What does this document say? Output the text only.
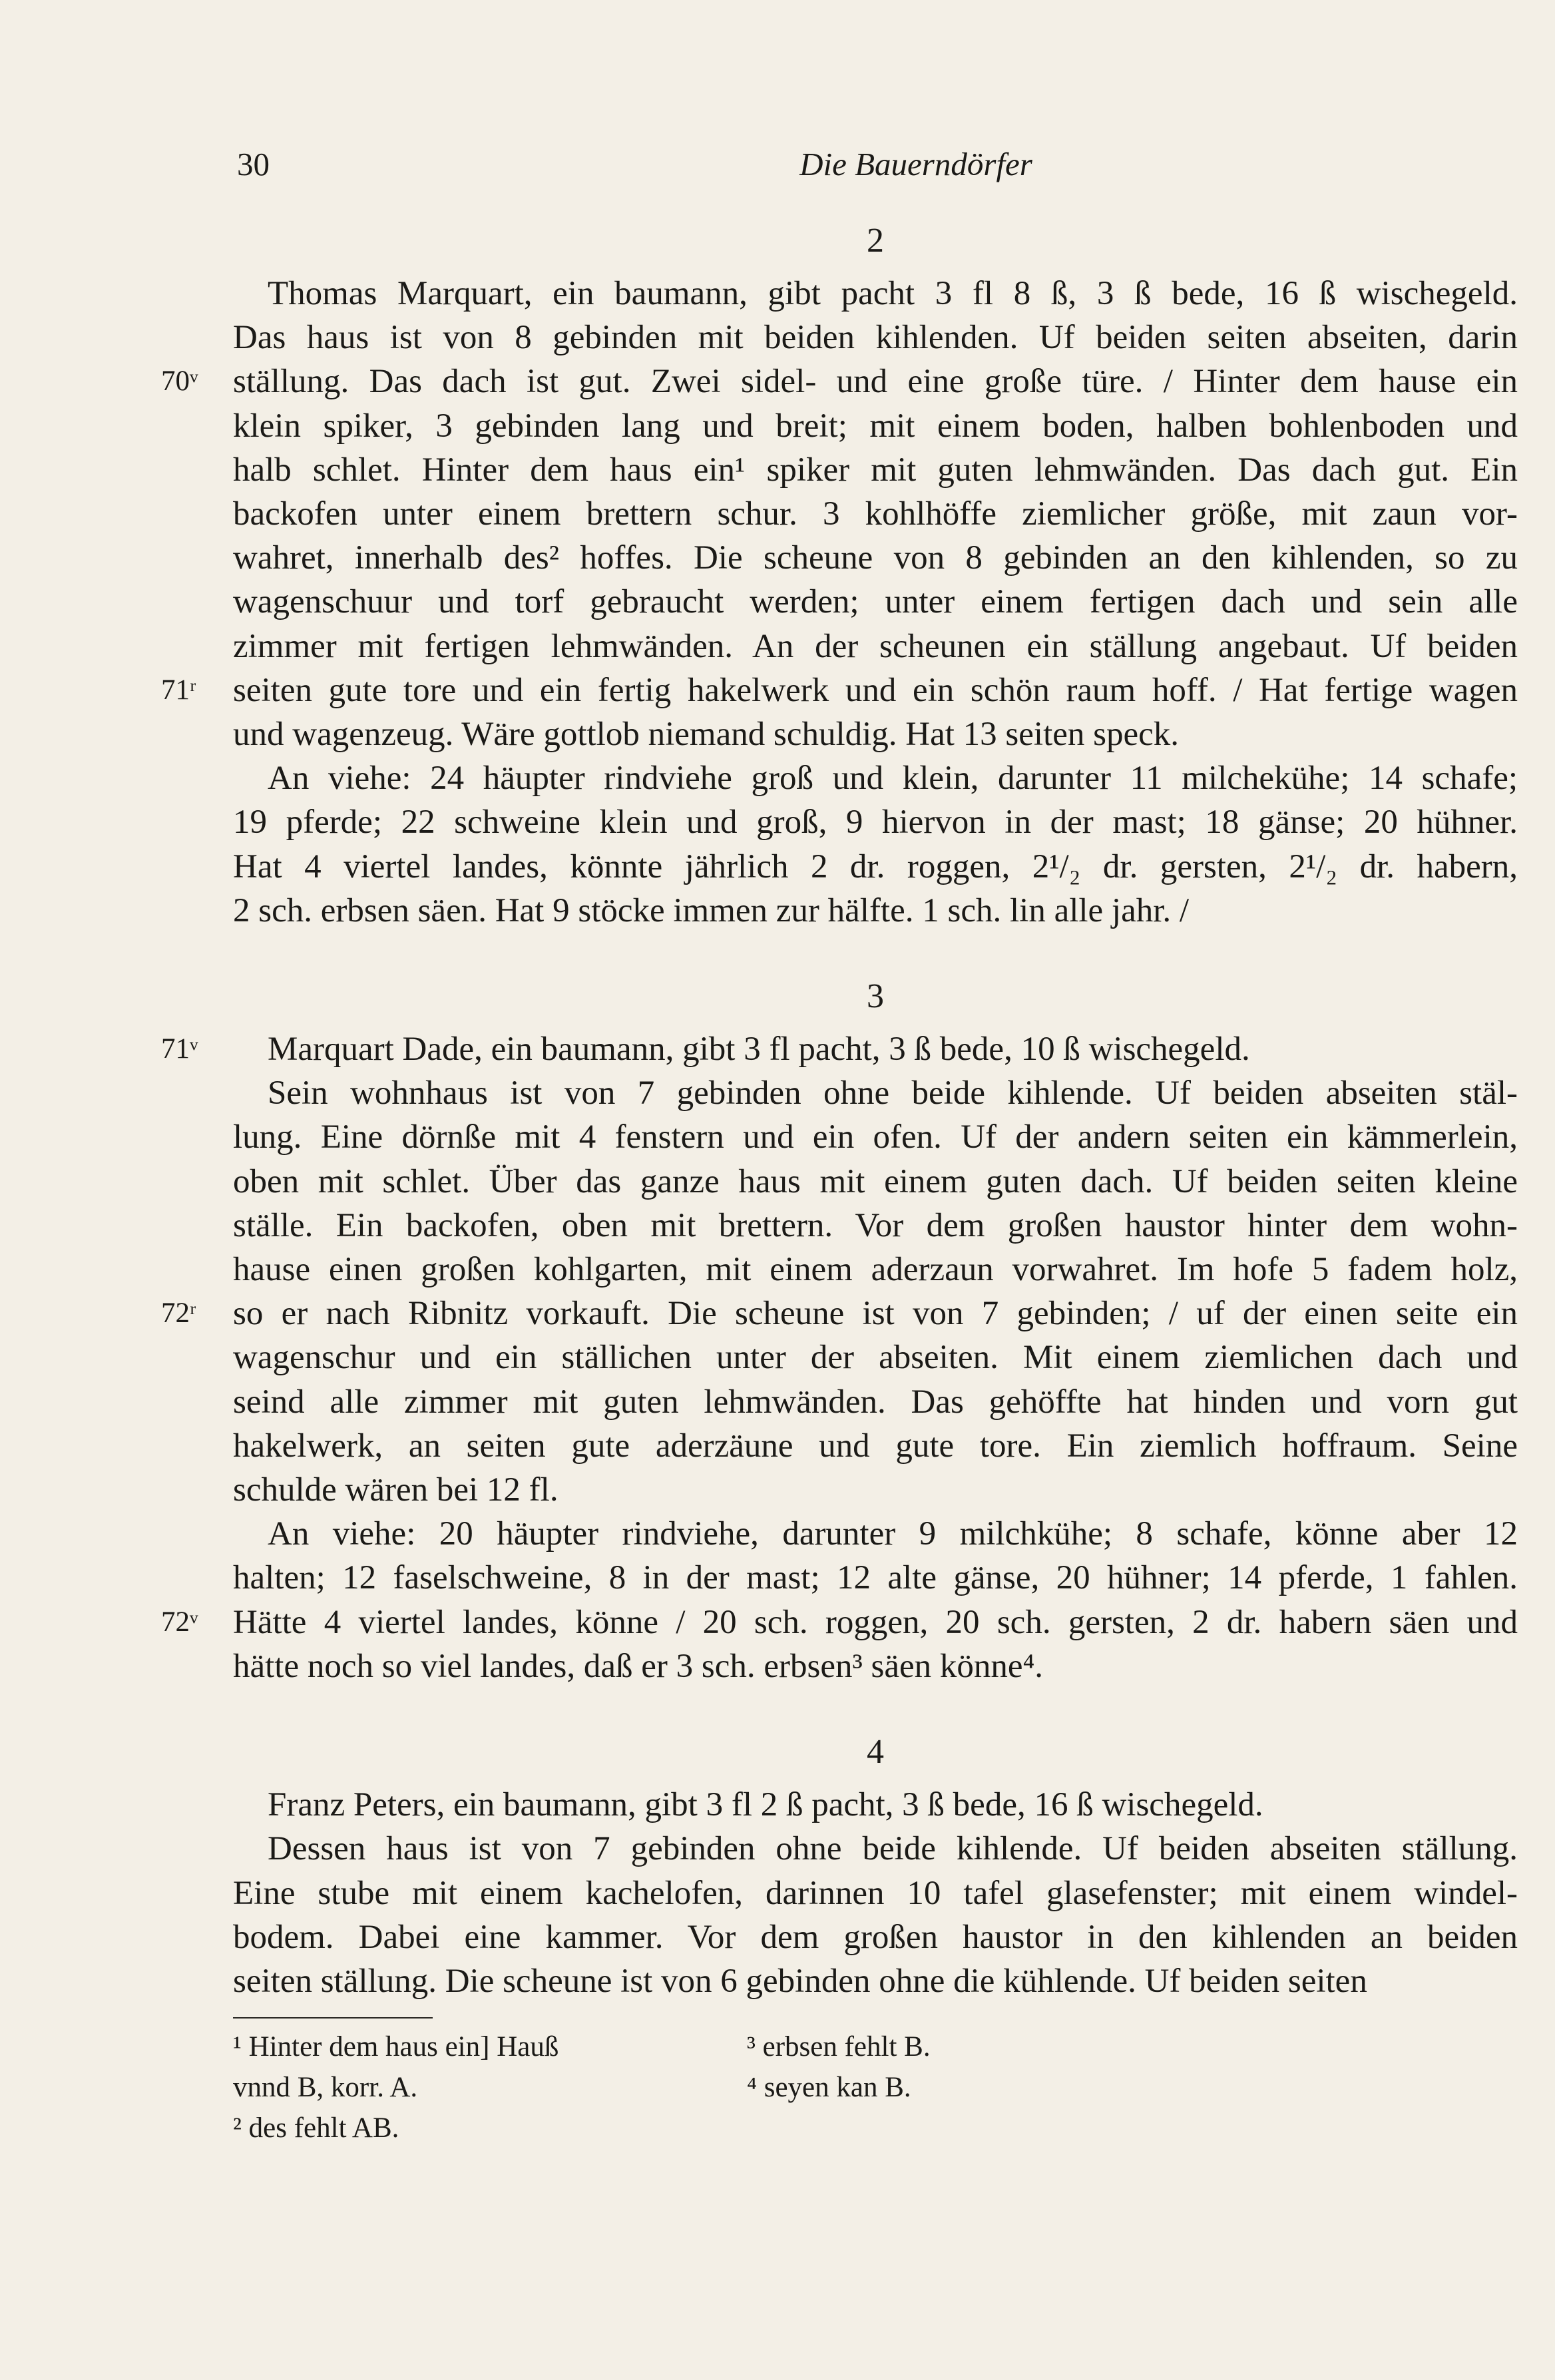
30	Die Bauerndörfer
2
Thomas Marquart, ein baumann, gibt pacht 3 fl 8 ß, 3 ß bede, 16 ß wischegeld.
Das haus ist von 8 gebinden mit beiden kihlenden. Uf beiden seiten abseiten, darin
ställung. Das dach ist gut. Zwei sidel- und eine große türe. / Hinter dem hause ein
70ᵛ
klein spiker, 3 gebinden lang und breit; mit einem boden, halben bohlenboden und
halb schlet. Hinter dem haus ein¹ spiker mit guten lehmwänden. Das dach gut. Ein
backofen unter einem brettern schur. 3 kohlhöffe ziemlicher größe, mit zaun vor-
wahret, innerhalb des² hoffes. Die scheune von 8 gebinden an den kihlenden, so zu
wagenschuur und torf gebraucht werden; unter einem fertigen dach und sein alle
zimmer mit fertigen lehmwänden. An der scheunen ein ställung angebaut. Uf beiden
seiten gute tore und ein fertig hakelwerk und ein schön raum hoff. / Hat fertige wagen
71ʳ
und wagenzeug. Wäre gottlob niemand schuldig. Hat 13 seiten speck.
An viehe: 24 häupter rindviehe groß und klein, darunter 11 milchekühe; 14 schafe;
19 pferde; 22 schweine klein und groß, 9 hiervon in der mast; 18 gänse; 20 hühner.
Hat 4 viertel landes, könnte jährlich 2 dr. roggen, 2¹/₂ dr. gersten, 2¹/₂ dr. habern,
2 sch. erbsen säen. Hat 9 stöcke immen zur hälfte. 1 sch. lin alle jahr. /
3
Marquart Dade, ein baumann, gibt 3 fl pacht, 3 ß bede, 10 ß wischegeld.
71ᵛ
Sein wohnhaus ist von 7 gebinden ohne beide kihlende. Uf beiden abseiten stäl-
lung. Eine dörnße mit 4 fenstern und ein ofen. Uf der andern seiten ein kämmerlein,
oben mit schlet. Über das ganze haus mit einem guten dach. Uf beiden seiten kleine
ställe. Ein backofen, oben mit brettern. Vor dem großen haustor hinter dem wohn-
hause einen großen kohlgarten, mit einem aderzaun vorwahret. Im hofe 5 fadem holz,
so er nach Ribnitz vorkauft. Die scheune ist von 7 gebinden; / uf der einen seite ein
72ʳ
wagenschur und ein ställichen unter der abseiten. Mit einem ziemlichen dach und
seind alle zimmer mit guten lehmwänden. Das gehöffte hat hinden und vorn gut
hakelwerk, an seiten gute aderzäune und gute tore. Ein ziemlich hoffraum. Seine
schulde wären bei 12 fl.
An viehe: 20 häupter rindviehe, darunter 9 milchkühe; 8 schafe, könne aber 12
halten; 12 faselschweine, 8 in der mast; 12 alte gänse, 20 hühner; 14 pferde, 1 fahlen.
Hätte 4 viertel landes, könne / 20 sch. roggen, 20 sch. gersten, 2 dr. habern säen und
72ᵛ
hätte noch so viel landes, daß er 3 sch. erbsen³ säen könne⁴.
4
Franz Peters, ein baumann, gibt 3 fl 2 ß pacht, 3 ß bede, 16 ß wischegeld.
Dessen haus ist von 7 gebinden ohne beide kihlende. Uf beiden abseiten ställung.
Eine stube mit einem kachelofen, darinnen 10 tafel glasefenster; mit einem windel-
bodem. Dabei eine kammer. Vor dem großen haustor in den kihlenden an beiden
seiten ställung. Die scheune ist von 6 gebinden ohne die kühlende. Uf beiden seiten
¹ Hinter dem haus ein] Hauß
vnnd B, korr. A.
² des fehlt AB.
³ erbsen fehlt B.
⁴ seyen kan B.
